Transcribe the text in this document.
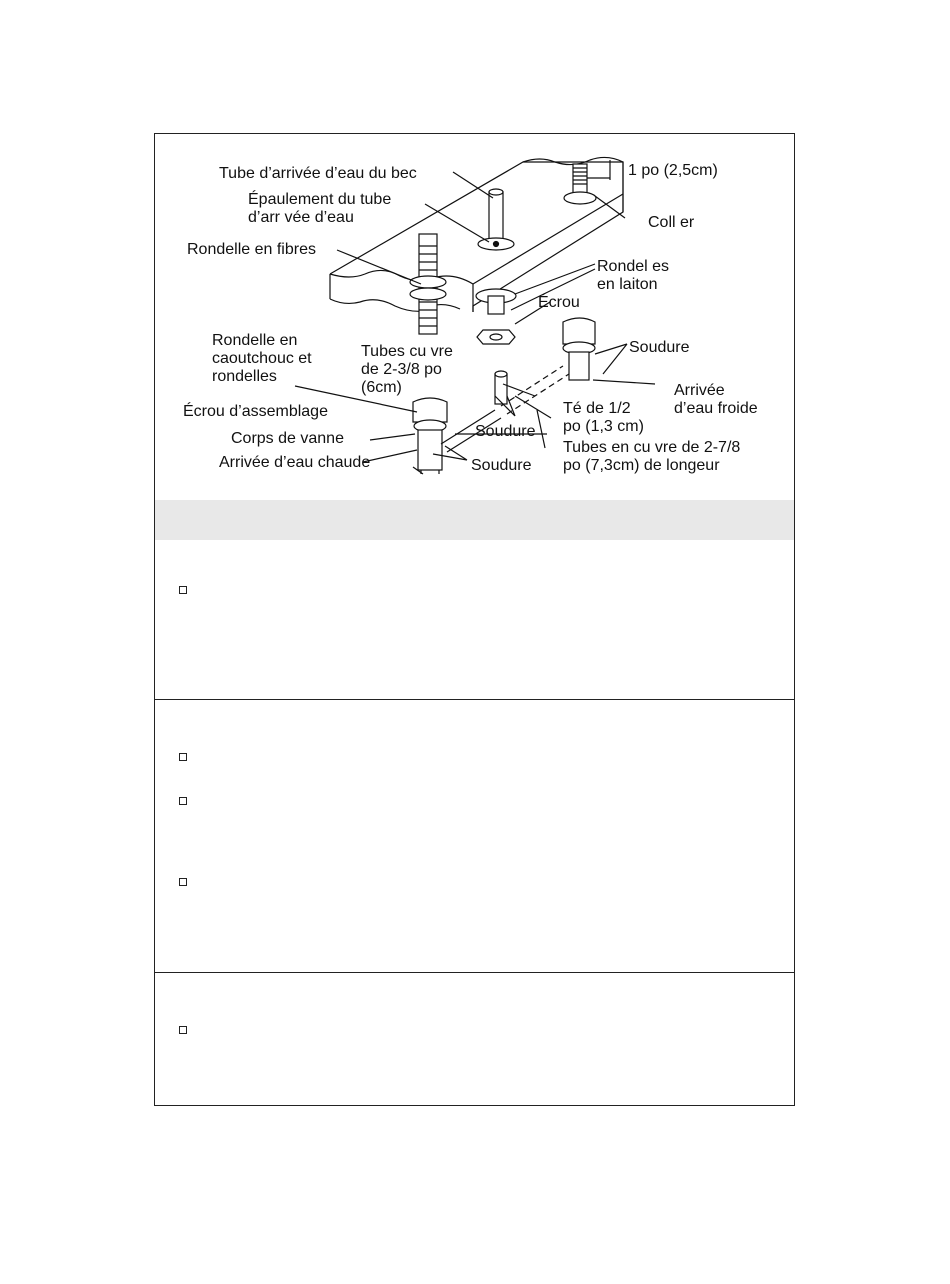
Tube d’arrivée d’eau du bec
Épaulement du tube
d’arr vée d’eau
Rondelle en fibres
1 po (2,5cm)
Coll er
Rondel es
en laiton
Écrou
Rondelle en
caoutchouc et
rondelles
Tubes cu vre
de 2-3/8 po
(6cm)
Soudure
Arrivée
d’eau froide
Écrou d’assemblage	Té de 1/2
po (1,3 cm)
Soudure
Corps de vanne
Tubes en cu vre de 2-7/8
po (7,3cm) de longeur
Arrivée d’eau chaude	Soudure
